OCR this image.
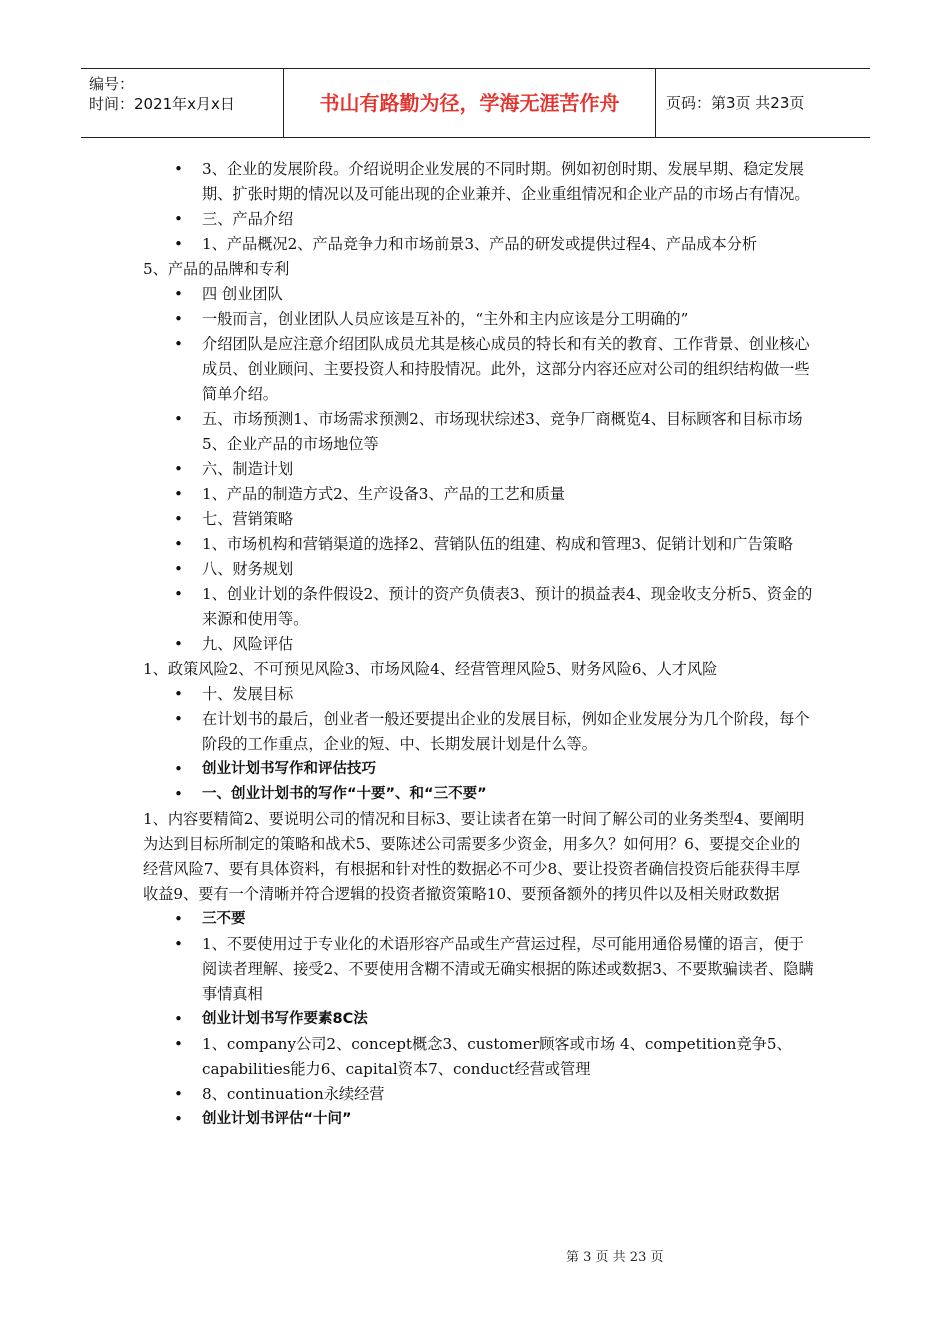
编号：
时间：2021年x月x日	书山有路勤为径，学海无涯苦作舟	页码：第3页 共23页
•	3、企业的发展阶段。介绍说明企业发展的不同时期。例如初创时期、发展早期、稳定发展期、扩张时期的情况以及可能出现的企业兼并、企业重组情况和企业产品的市场占有情况。
•	三、产品介绍
•	1、产品概况2、产品竞争力和市场前景3、产品的研发或提供过程4、产品成本分析
5、产品的品牌和专利
•	四 创业团队
•	一般而言，创业团队人员应该是互补的，“主外和主内应该是分工明确的”
•	介绍团队是应注意介绍团队成员尤其是核心成员的特长和有关的教育、工作背景、创业核心成员、创业顾问、主要投资人和持股情况。此外，这部分内容还应对公司的组织结构做一些简单介绍。
•	五、市场预测1、市场需求预测2、市场现状综述3、竞争厂商概览4、目标顾客和目标市场5、企业产品的市场地位等
•	六、制造计划
•	1、产品的制造方式2、生产设备3、产品的工艺和质量
•	七、营销策略
•	1、市场机构和营销渠道的选择2、营销队伍的组建、构成和管理3、促销计划和广告策略
•	八、财务规划
•	1、创业计划的条件假设2、预计的资产负债表3、预计的损益表4、现金收支分析5、资金的来源和使用等。
•	九、风险评估
1、政策风险2、不可预见风险3、市场风险4、经营管理风险5、财务风险6、人才风险
•	十、发展目标
•	在计划书的最后，创业者一般还要提出企业的发展目标，例如企业发展分为几个阶段，每个阶段的工作重点，企业的短、中、长期发展计划是什么等。
•	创业计划书写作和评估技巧
•	一、创业计划书的写作“十要”、和“三不要”
1、内容要精简2、要说明公司的情况和目标3、要让读者在第一时间了解公司的业务类型4、要阐明为达到目标所制定的策略和战术5、要陈述公司需要多少资金，用多久？如何用？6、要提交企业的经营风险7、要有具体资料，有根据和针对性的数据必不可少8、要让投资者确信投资后能获得丰厚收益9、要有一个清晰并符合逻辑的投资者撤资策略10、要预备额外的拷贝件以及相关财政数据
•	三不要
•	1、不要使用过于专业化的术语形容产品或生产营运过程，尽可能用通俗易懂的语言，便于阅读者理解、接受2、不要使用含糊不清或无确实根据的陈述或数据3、不要欺骗读者、隐瞒事情真相
•	创业计划书写作要素8C法
•	1、company公司2、concept概念3、customer顾客或市场 4、competition竞争5、capabilities能力6、capital资本7、conduct经营或管理
•	8、continuation永续经营
•	创业计划书评估“十问”
第 3 页 共 23 页
